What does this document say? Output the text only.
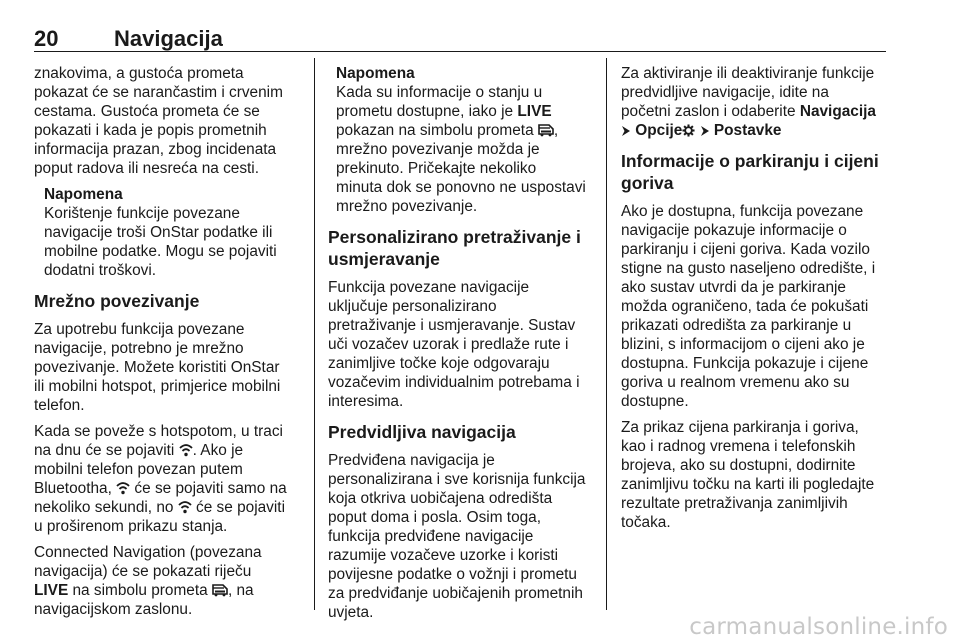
20	Navigacija

znakovima, a gustoća prometa
pokazat će se narančastim i crvenim
cestama. Gustoća prometa će se
pokazati i kada je popis prometnih
informacija prazan, zbog incidenata
poput radova ili nesreća na cesti.

Napomena
Korištenje funkcije povezane
navigacije troši OnStar podatke ili
mobilne podatke. Mogu se pojaviti
dodatni troškovi.
Mrežno povezivanje

Za upotrebu funkcija povezane
navigacije, potrebno je mrežno
povezivanje. Možete koristiti OnStar
ili mobilni hotspot, primjerice mobilni
telefon.

Kada se poveže s hotspotom, u traci
na dnu će se pojaviti . Ako je
mobilni telefon povezan putem
Bluetootha,  će se pojaviti samo na
nekoliko sekundi, no  će se pojaviti
u proširenom prikazu stanja.

Connected Navigation (povezana
navigacija) će se pokazati riječu
LIVE na simbolu prometa , na
navigacijskom zaslonu.

Napomena
Kada su informacije o stanju u
prometu dostupne, iako je LIVE
pokazan na simbolu prometa ,
mrežno povezivanje možda je
prekinuto. Pričekajte nekoliko
minuta dok se ponovno ne uspostavi
mrežno povezivanje.
Personalizirano pretraživanje i
usmjeravanje

Funkcija povezane navigacije
uključuje personalizirano
pretraživanje i usmjeravanje. Sustav
uči vozačev uzorak i predlaže rute i
zanimljive točke koje odgovaraju
vozačevim individualnim potrebama i
interesima.

Predvidljiva navigacija

Predviđena navigacija je
personalizirana i sve korisnija funkcija
koja otkriva uobičajena odredišta
poput doma i posla. Osim toga,
funkcija predviđene navigacije
razumije vozačeve uzorke i koristi
povijesne podatke o vožnji i prometu
za predviđanje uobičajenih prometnih
uvjeta.

Za aktiviranje ili deaktiviranje funkcije
predvidljive navigacije, idite na
početni zaslon i odaberite Navigacija
Opcije Postavke

Informacije o parkiranju i cijeni
goriva

Ako je dostupna, funkcija povezane
navigacije pokazuje informacije o
parkiranju i cijeni goriva. Kada vozilo
stigne na gusto naseljeno odredište, i
ako sustav utvrdi da je parkiranje
možda ograničeno, tada će pokušati
prikazati odredišta za parkiranje u
blizini, s informacijom o cijeni ako je
dostupna. Funkcija pokazuje i cijene
goriva u realnom vremenu ako su
dostupne.

Za prikaz cijena parkiranja i goriva,
kao i radnog vremena i telefonskih
brojeva, ako su dostupni, dodirnite
zanimljivu točku na karti ili pogledajte
rezultate pretraživanja zanimljivih
točaka.

carmanualsonline.info
